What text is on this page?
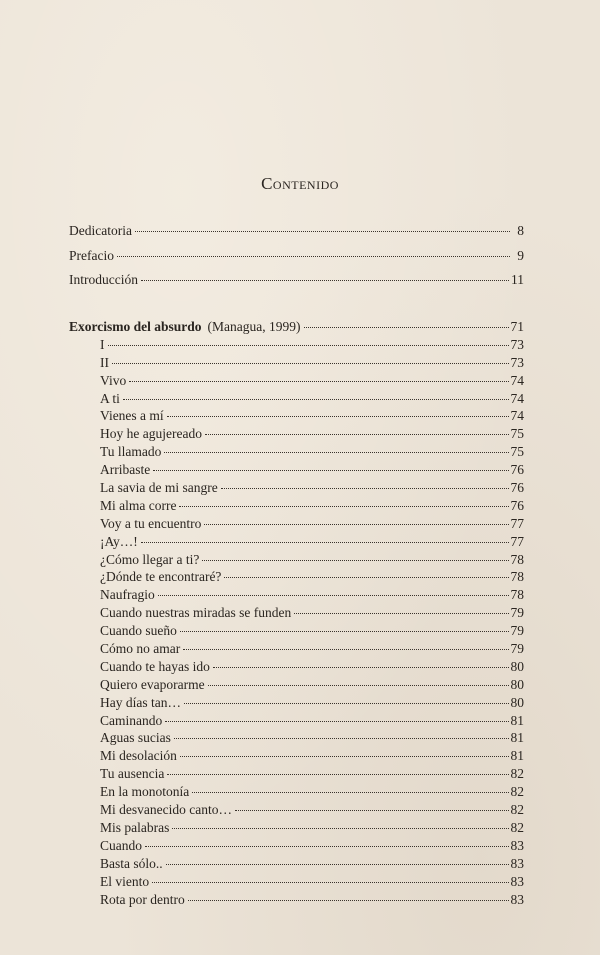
Contenido
Dedicatoria	8
Prefacio	9
Introducción	11
Exorcismo del absurdo (Managua, 1999)	71
I	73
II	73
Vivo	74
A ti	74
Vienes a mí	74
Hoy he agujereado	75
Tu llamado	75
Arribaste	76
La savia de mi sangre	76
Mi alma corre	76
Voy a tu encuentro	77
¡Ay…!	77
¿Cómo llegar a ti?	78
¿Dónde te encontraré?	78
Naufragio	78
Cuando nuestras miradas se funden	79
Cuando sueño	79
Cómo no amar	79
Cuando te hayas ido	80
Quiero evaporarme	80
Hay días tan…	80
Caminando	81
Aguas sucias	81
Mi desolación	81
Tu ausencia	82
En la monotonía	82
Mi desvanecido canto…	82
Mis palabras	82
Cuando	83
Basta sólo..	83
El viento	83
Rota por dentro	83
